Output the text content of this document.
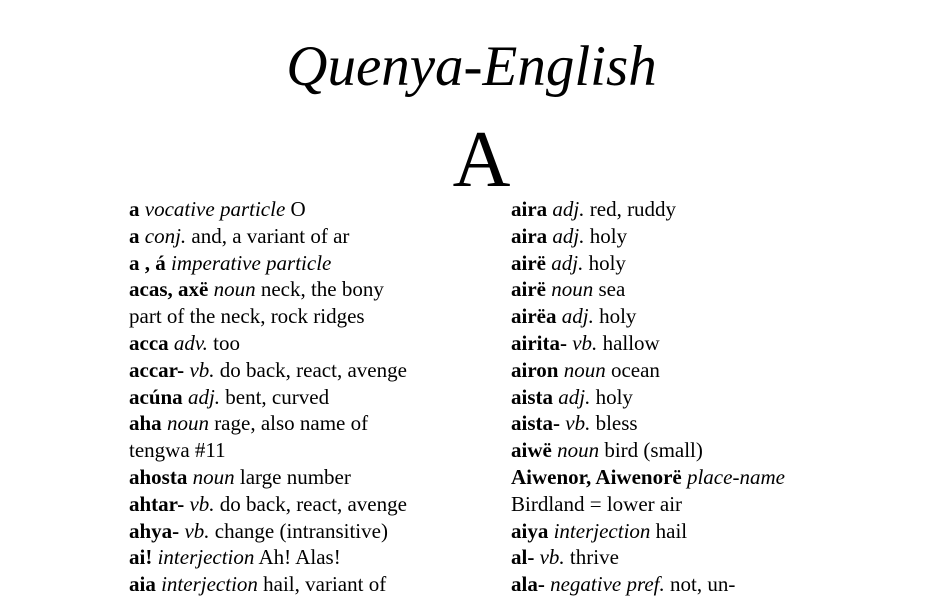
Quenya-English
A
a vocative particle O
a conj. and, a variant of ar
a , á imperative particle
acas, axë noun neck, the bony
part of the neck, rock ridges
acca adv. too
accar- vb. do back, react, avenge
acúna adj. bent, curved
aha noun rage, also name of
tengwa #11
ahosta noun large number
ahtar- vb. do back, react, avenge
ahya- vb. change (intransitive)
ai! interjection Ah! Alas!
aia interjection hail, variant of
aira adj. red, ruddy
aira adj. holy
airë adj. holy
airë noun sea
airëa adj. holy
airita- vb. hallow
airon noun ocean
aista adj. holy
aista- vb. bless
aiwë noun bird (small)
Aiwenor, Aiwenorë place-name
Birdland = lower air
aiya interjection hail
al- vb. thrive
ala- negative pref. not, un-
